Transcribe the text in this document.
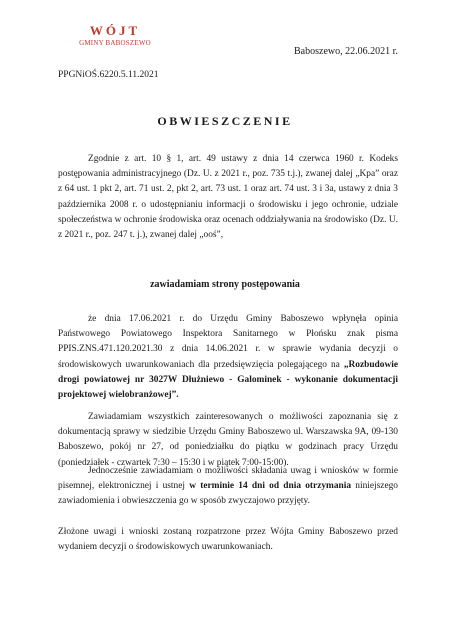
WÓJT
GMINY BABOSZEWO
Baboszewo, 22.06.2021 r.
PPGNiOŚ.6220.5.11.2021
OBWIESZCZENIE

Zgodnie z art. 10 § 1, art. 49 ustawy z dnia 14 czerwca 1960 r. Kodeks postępowania administracyjnego (Dz. U. z 2021 r., poz. 735 t.j.), zwanej dalej „Kpa” oraz z 64 ust. 1 pkt 2, art. 71 ust. 2, pkt 2, art. 73 ust. 1 oraz art. 74 ust. 3 i 3a, ustawy z dnia 3 października 2008 r. o udostępnianiu informacji o środowisku i jego ochronie, udziale społeczeństwa w ochronie środowiska oraz ocenach oddziaływania na środowisko (Dz. U. z 2021 r., poz. 247 t. j.), zwanej dalej „ooś”,

zawiadamiam strony postępowania

że dnia 17.06.2021 r. do Urzędu Gminy Baboszewo wpłynęła opinia Państwowego Powiatowego Inspektora Sanitarnego w Płońsku znak pisma PPIS.ZNS.471.120.2021.30 z dnia 14.06.2021 r. w sprawie wydania decyzji o środowiskowych uwarunkowaniach dla przedsięwzięcia polegającego na „Rozbudowie drogi powiatowej nr 3027W Dłużniewo - Galominek - wykonanie dokumentacji projektowej wielobranżowej”.

Zawiadamiam wszystkich zainteresowanych o możliwości zapoznania się z dokumentacją sprawy w siedzibie Urzędu Gminy Baboszewo ul. Warszawska 9A, 09-130 Baboszewo, pokój nr 27, od poniedziałku do piątku w godzinach pracy Urzędu (poniedziałek - czwartek 7:30 – 15:30 i w piątek 7:00-15:00).

Jednocześnie zawiadamiam o możliwości składania uwag i wniosków w formie pisemnej, elektronicznej i ustnej w terminie 14 dni od dnia otrzymania niniejszego zawiadomienia i obwieszczenia go w sposób zwyczajowo przyjęty.

Złożone uwagi i wnioski zostaną rozpatrzone przez Wójta Gminy Baboszewo przed wydaniem decyzji o środowiskowych uwarunkowaniach.
